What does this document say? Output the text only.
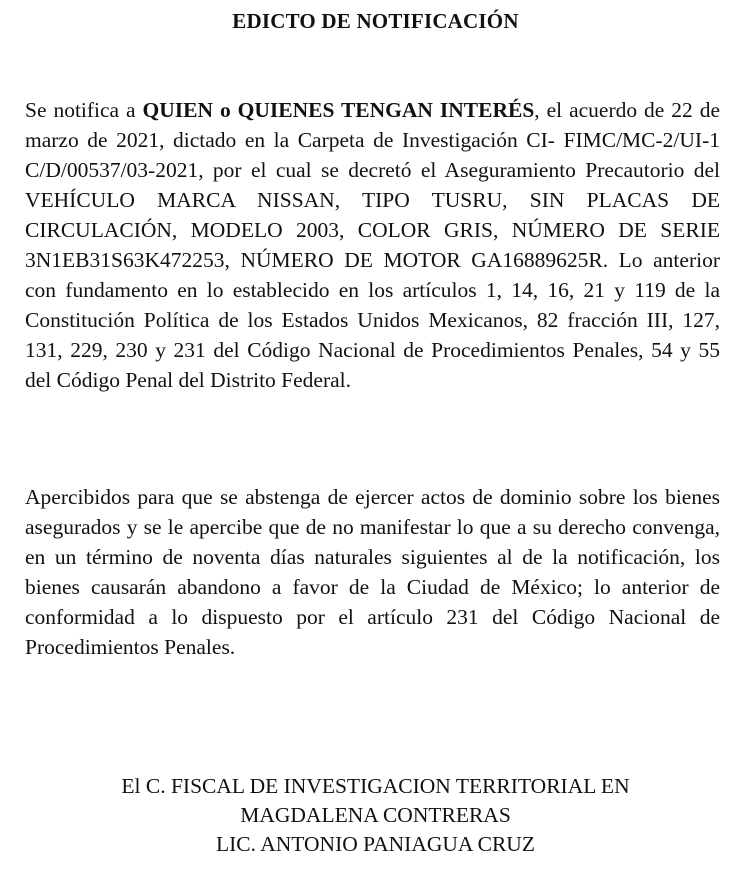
EDICTO DE NOTIFICACIÓN

Se notifica a QUIEN o QUIENES TENGAN INTERÉS, el acuerdo de 22 de marzo de 2021, dictado en la Carpeta de Investigación CI- FIMC/MC-2/UI-1 C/D/00537/03-2021, por el cual se decretó el Aseguramiento Precautorio del VEHÍCULO MARCA NISSAN, TIPO TUSRU, SIN PLACAS DE CIRCULACIÓN, MODELO 2003, COLOR GRIS, NÚMERO DE SERIE 3N1EB31S63K472253, NÚMERO DE MOTOR GA16889625R. Lo anterior con fundamento en lo establecido en los artículos 1, 14, 16, 21 y 119 de la Constitución Política de los Estados Unidos Mexicanos, 82 fracción III, 127, 131, 229, 230 y 231 del Código Nacional de Procedimientos Penales, 54 y 55 del Código Penal del Distrito Federal.

Apercibidos para que se abstenga de ejercer actos de dominio sobre los bienes asegurados y se le apercibe que de no manifestar lo que a su derecho convenga, en un término de noventa días naturales siguientes al de la notificación, los bienes causarán abandono a favor de la Ciudad de México; lo anterior de conformidad a lo dispuesto por el artículo 231 del Código Nacional de Procedimientos Penales.

El C. FISCAL DE INVESTIGACION TERRITORIAL EN
MAGDALENA CONTRERAS
LIC. ANTONIO PANIAGUA CRUZ
